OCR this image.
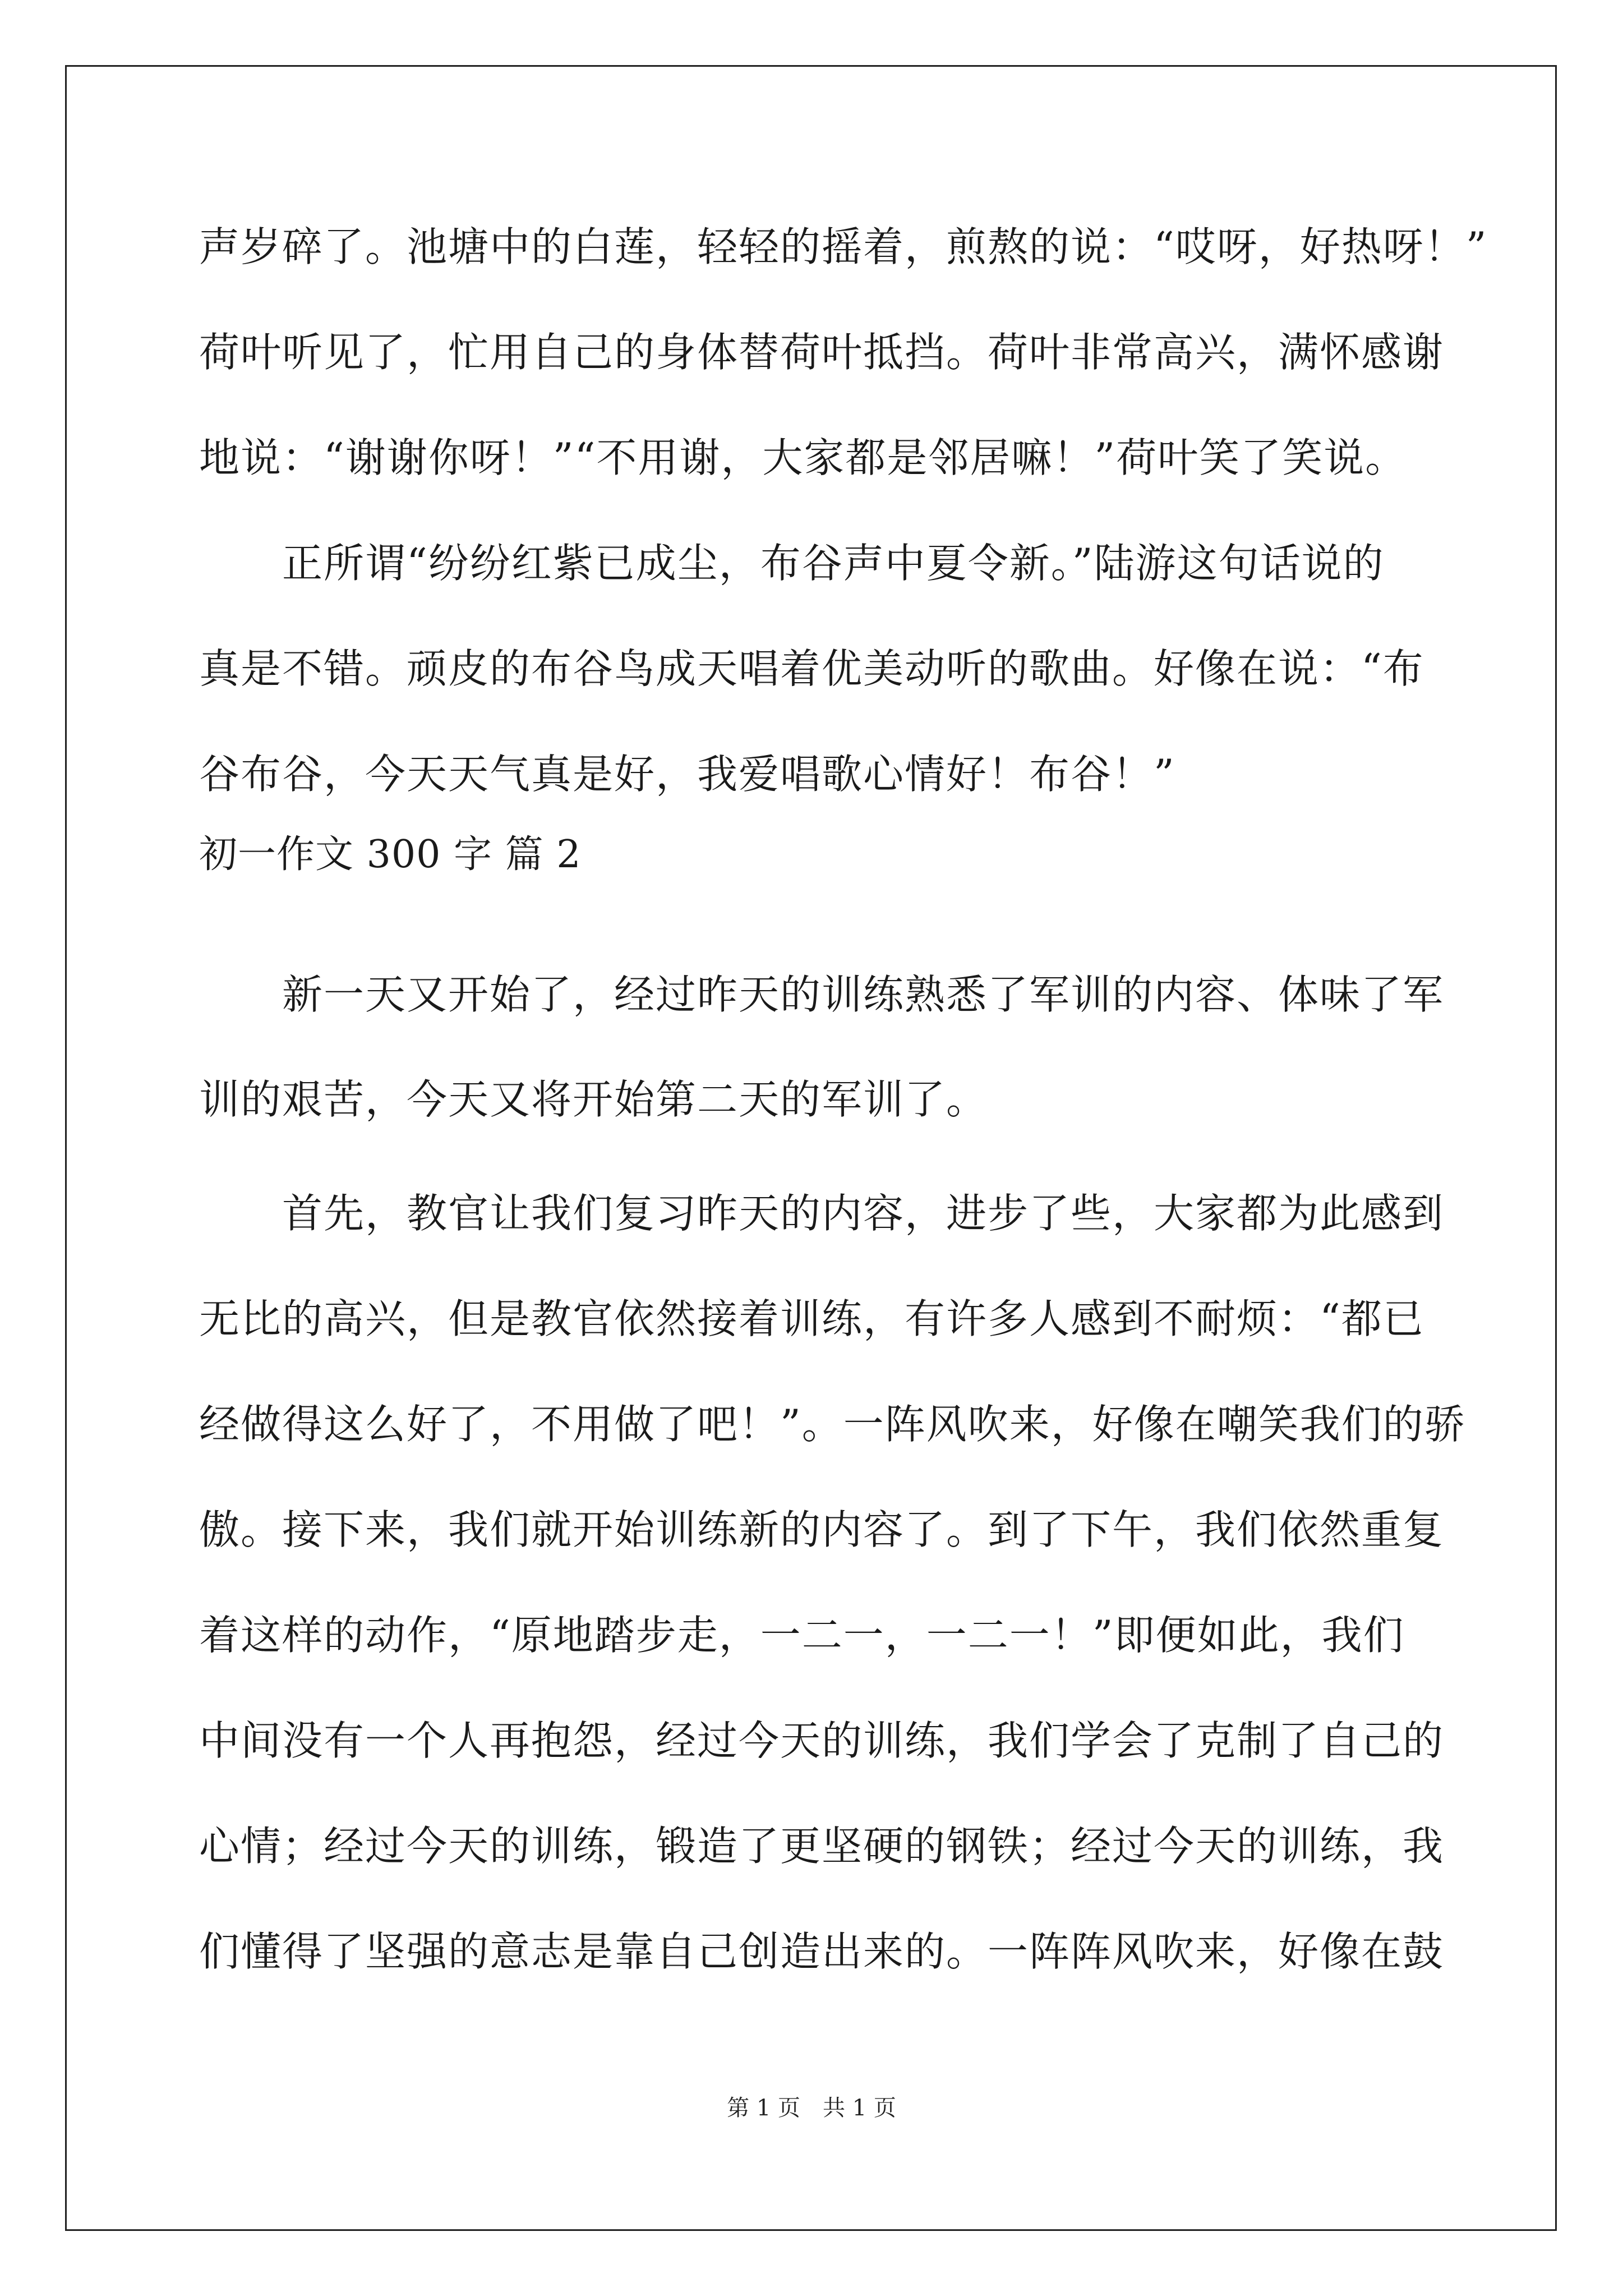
声岁碎了。池塘中的白莲，轻轻的摇着，煎熬的说：“哎呀，好热呀！”
荷叶听见了，忙用自己的身体替荷叶抵挡。荷叶非常高兴，满怀感谢
地说：“谢谢你呀！”“不用谢，大家都是邻居嘛！”荷叶笑了笑说。
　　正所谓“纷纷红紫已成尘，布谷声中夏令新。”陆游这句话说的
真是不错。顽皮的布谷鸟成天唱着优美动听的歌曲。好像在说：“布
谷布谷，今天天气真是好，我爱唱歌心情好！布谷！”
初一作文 300 字 篇 2
　　新一天又开始了，经过昨天的训练熟悉了军训的内容、体味了军
训的艰苦，今天又将开始第二天的军训了。
　　首先，教官让我们复习昨天的内容，进步了些，大家都为此感到
无比的高兴，但是教官依然接着训练，有许多人感到不耐烦：“都已
经做得这么好了，不用做了吧！”。一阵风吹来，好像在嘲笑我们的骄
傲。接下来，我们就开始训练新的内容了。到了下午，我们依然重复
着这样的动作，“原地踏步走，一二一，一二一！”即便如此，我们
中间没有一个人再抱怨，经过今天的训练，我们学会了克制了自己的
心情；经过今天的训练，锻造了更坚硬的钢铁；经过今天的训练，我
们懂得了坚强的意志是靠自己创造出来的。一阵阵风吹来，好像在鼓
第 1 页　共 1 页
